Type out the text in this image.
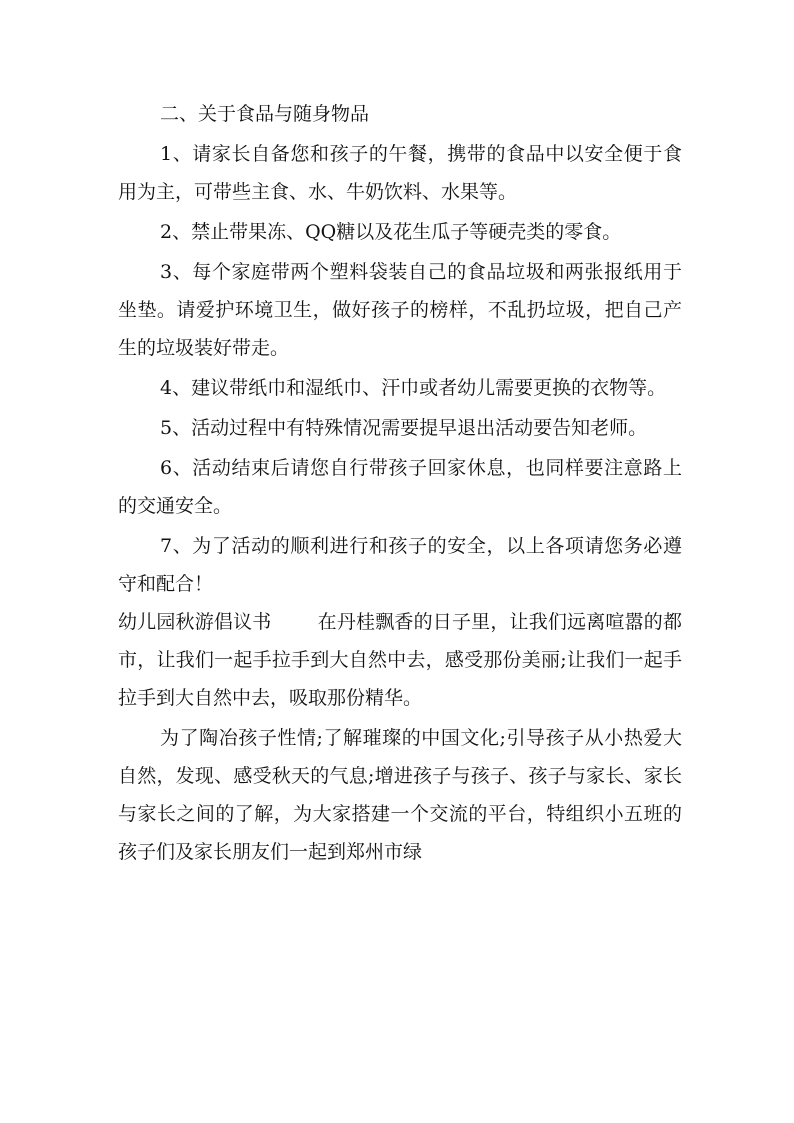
二、关于食品与随身物品

1、请家长自备您和孩子的午餐，携带的食品中以安全便于食用为主，可带些主食、水、牛奶饮料、水果等。

2、禁止带果冻、QQ糖以及花生瓜子等硬壳类的零食。

3、每个家庭带两个塑料袋装自己的食品垃圾和两张报纸用于坐垫。请爱护环境卫生，做好孩子的榜样，不乱扔垃圾，把自己产生的垃圾装好带走。

4、建议带纸巾和湿纸巾、汗巾或者幼儿需要更换的衣物等。

5、活动过程中有特殊情况需要提早退出活动要告知老师。

6、活动结束后请您自行带孩子回家休息，也同样要注意路上的交通安全。

7、为了活动的顺利进行和孩子的安全，以上各项请您务必遵守和配合！

幼儿园秋游倡议书 在丹桂飘香的日子里，让我们远离喧嚣的都市，让我们一起手拉手到大自然中去，感受那份美丽;让我们一起手拉手到大自然中去，吸取那份精华。

为了陶冶孩子性情;了解璀璨的中国文化;引导孩子从小热爱大自然，发现、感受秋天的气息;增进孩子与孩子、孩子与家长、家长与家长之间的了解，为大家搭建一个交流的平台，特组织小五班的孩子们及家长朋友们一起到郑州市绿
